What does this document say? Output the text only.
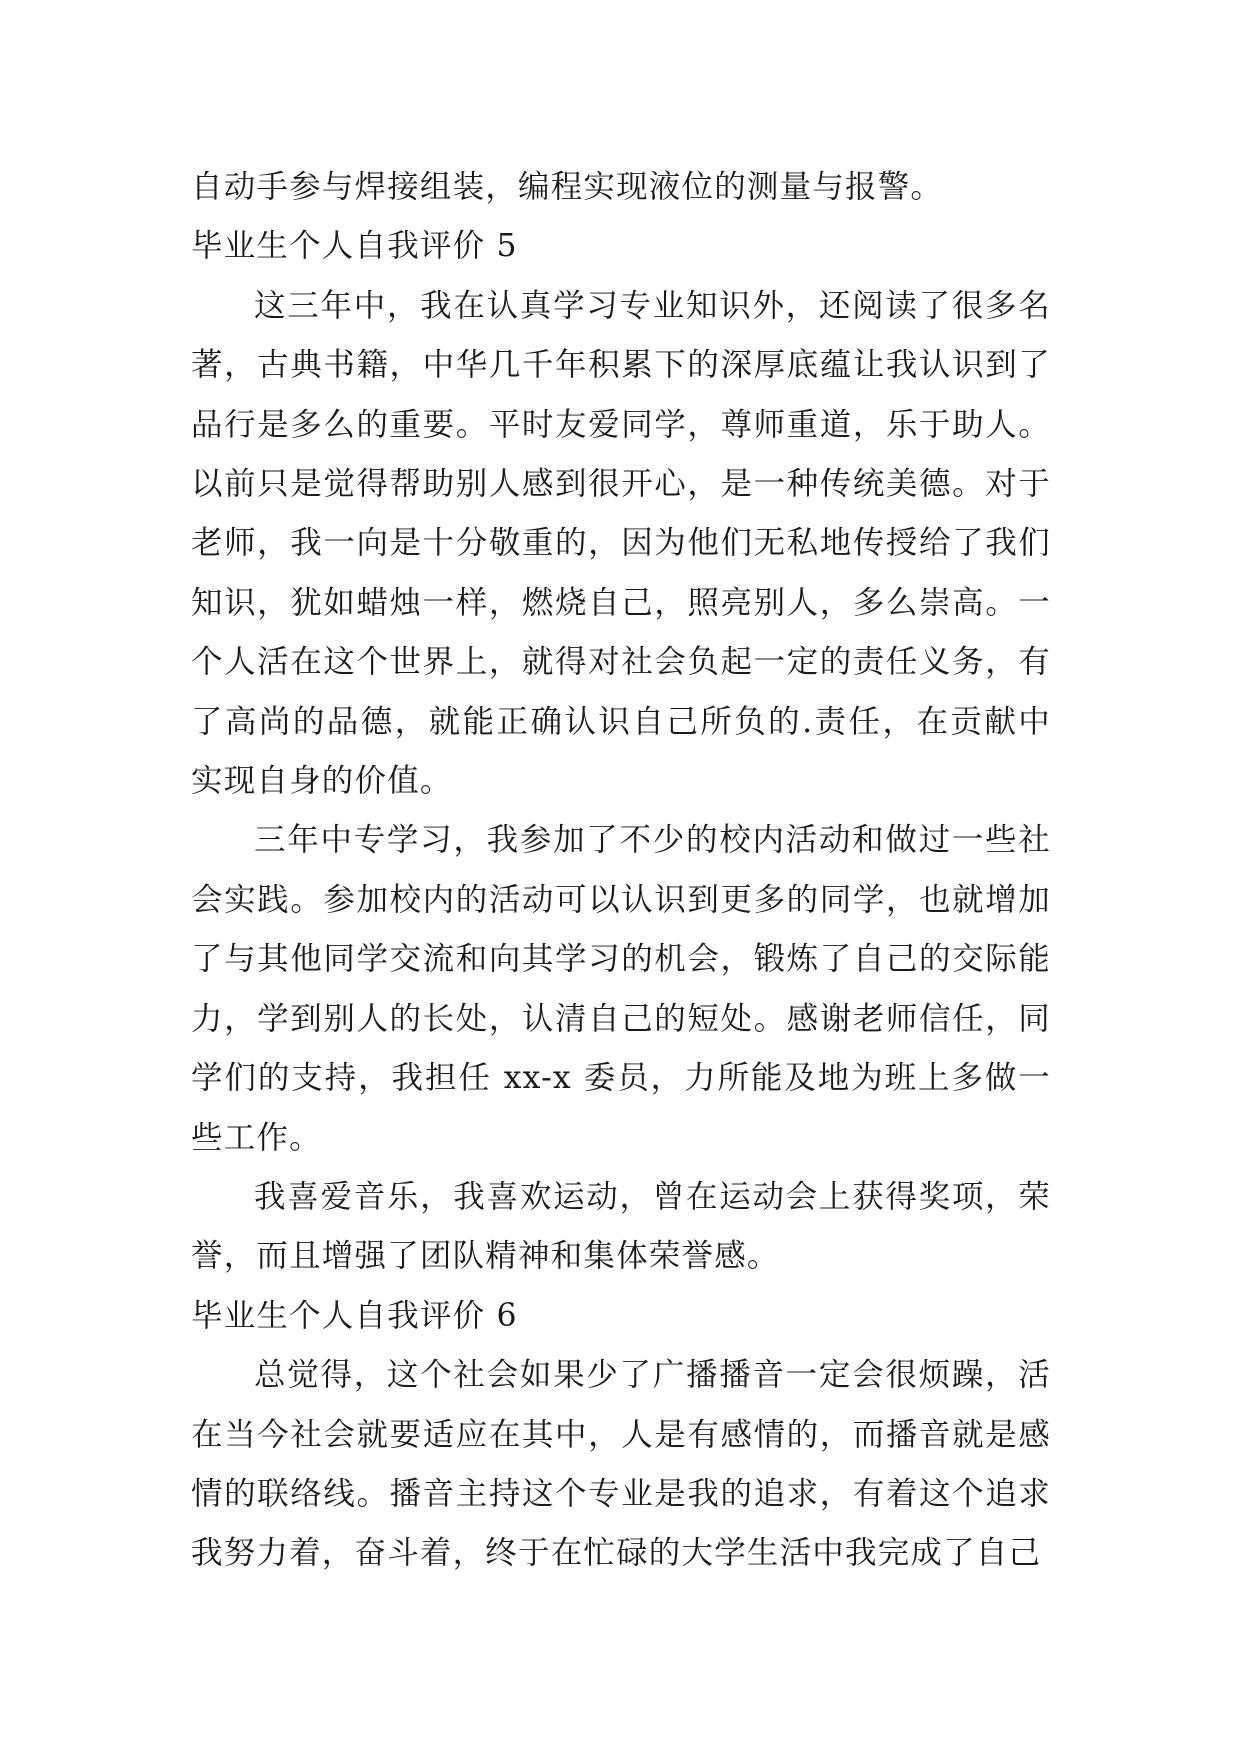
自动手参与焊接组装，编程实现液位的测量与报警。

毕业生个人自我评价 5

这三年中，我在认真学习专业知识外，还阅读了很多名著，古典书籍，中华几千年积累下的深厚底蕴让我认识到了品行是多么的重要。平时友爱同学，尊师重道，乐于助人。以前只是觉得帮助别人感到很开心，是一种传统美德。对于老师，我一向是十分敬重的，因为他们无私地传授给了我们知识，犹如蜡烛一样，燃烧自己，照亮别人，多么崇高。一个人活在这个世界上，就得对社会负起一定的责任义务，有了高尚的品德，就能正确认识自己所负的.责任，在贡献中实现自身的价值。

三年中专学习，我参加了不少的校内活动和做过一些社会实践。参加校内的活动可以认识到更多的同学，也就增加了与其他同学交流和向其学习的机会，锻炼了自己的交际能力，学到别人的长处，认清自己的短处。感谢老师信任，同学们的支持，我担任 xx-x 委员，力所能及地为班上多做一些工作。

我喜爱音乐，我喜欢运动，曾在运动会上获得奖项，荣誉，而且增强了团队精神和集体荣誉感。

毕业生个人自我评价 6

总觉得，这个社会如果少了广播播音一定会很烦躁，活在当今社会就要适应在其中，人是有感情的，而播音就是感情的联络线。播音主持这个专业是我的追求，有着这个追求我努力着，奋斗着，终于在忙碌的大学生活中我完成了自己
